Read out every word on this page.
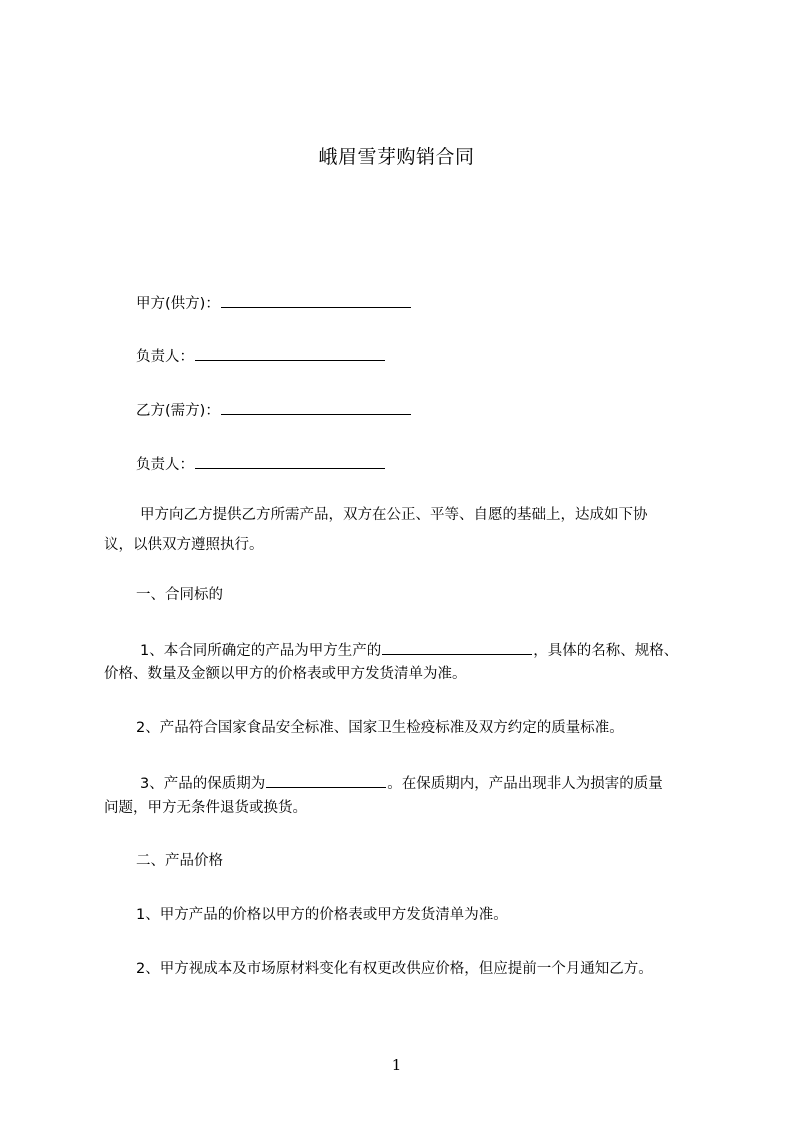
峨眉雪芽购销合同
甲方(供方)：
负责人：
乙方(需方)：
负责人：
甲方向乙方提供乙方所需产品，双方在公正、平等、自愿的基础上，达成如下协
议，以供双方遵照执行。
一、合同标的
1、本合同所确定的产品为甲方生产的	，具体的名称、规格、
价格、数量及金额以甲方的价格表或甲方发货清单为准。
2、产品符合国家食品安全标准、国家卫生检疫标准及双方约定的质量标准。
3、产品的保质期为	。在保质期内，产品出现非人为损害的质量
问题，甲方无条件退货或换货。
二、产品价格
1、甲方产品的价格以甲方的价格表或甲方发货清单为准。
2、甲方视成本及市场原材料变化有权更改供应价格，但应提前一个月通知乙方。
1
